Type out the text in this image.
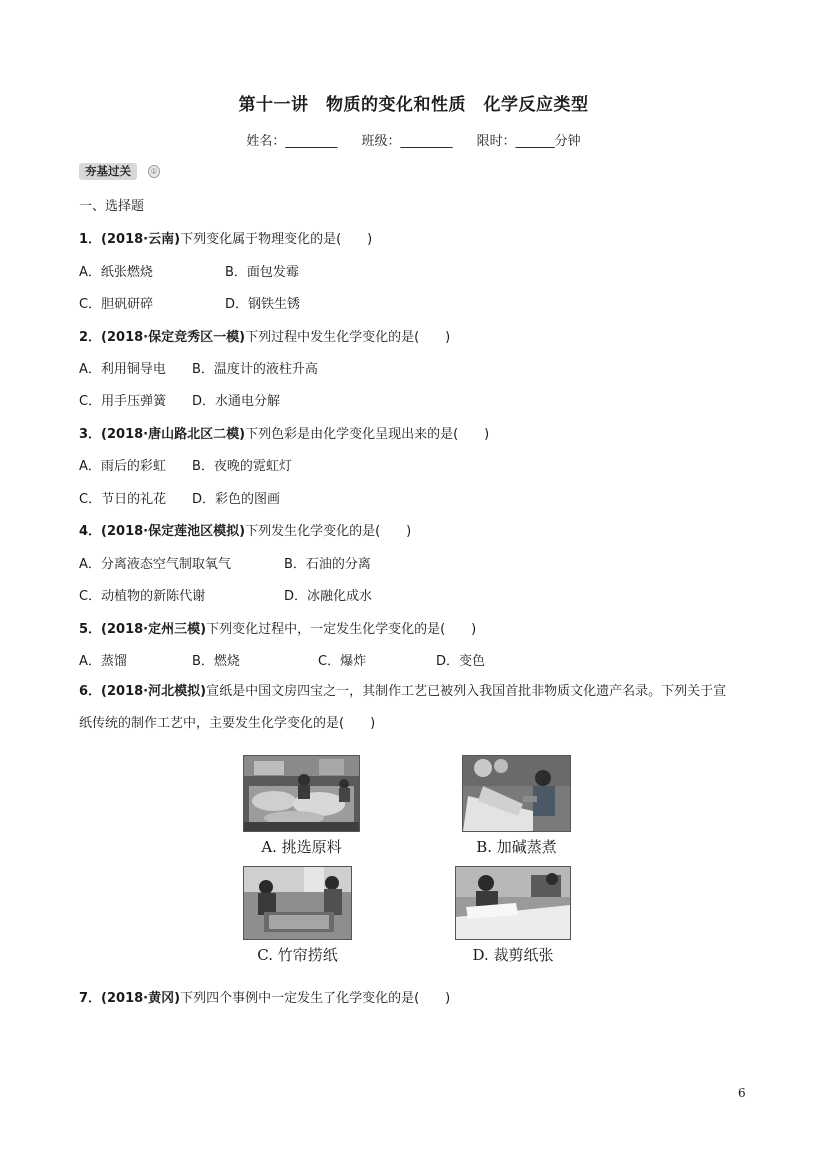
第十一讲　物质的变化和性质　化学反应类型
姓名：________ 班级：________ 限时：______分钟
夯基过关	①
一、选择题
1．(2018·云南)下列变化属于物理变化的是(　　)
A．纸张燃烧	B．面包发霉
C．胆矾研碎	D．钢铁生锈
2．(2018·保定竞秀区一模)下列过程中发生化学变化的是(　　)
A．利用铜导电 B．温度计的液柱升高
C．用手压弹簧 D．水通电分解
3．(2018·唐山路北区二模)下列色彩是由化学变化呈现出来的是(　　)
A．雨后的彩虹 B．夜晚的霓虹灯
C．节日的礼花 D．彩色的图画
4．(2018·保定莲池区模拟)下列发生化学变化的是(　　)
A．分离液态空气制取氧气	B．石油的分离
C．动植物的新陈代谢	D．冰融化成水
5．(2018·定州三模)下列变化过程中，一定发生化学变化的是(　　)
A．蒸馏	B．燃烧	C．爆炸	D．变色
6．(2018·河北模拟)宣纸是中国文房四宝之一，其制作工艺已被列入我国首批非物质文化遗产名录。下列关于宣纸传统的制作工艺中，主要发生化学变化的是(　　)
A. 挑选原料	B. 加碱蒸煮
C. 竹帘捞纸	D. 裁剪纸张
7．(2018·黄冈)下列四个事例中一定发生了化学变化的是(　　)
6
